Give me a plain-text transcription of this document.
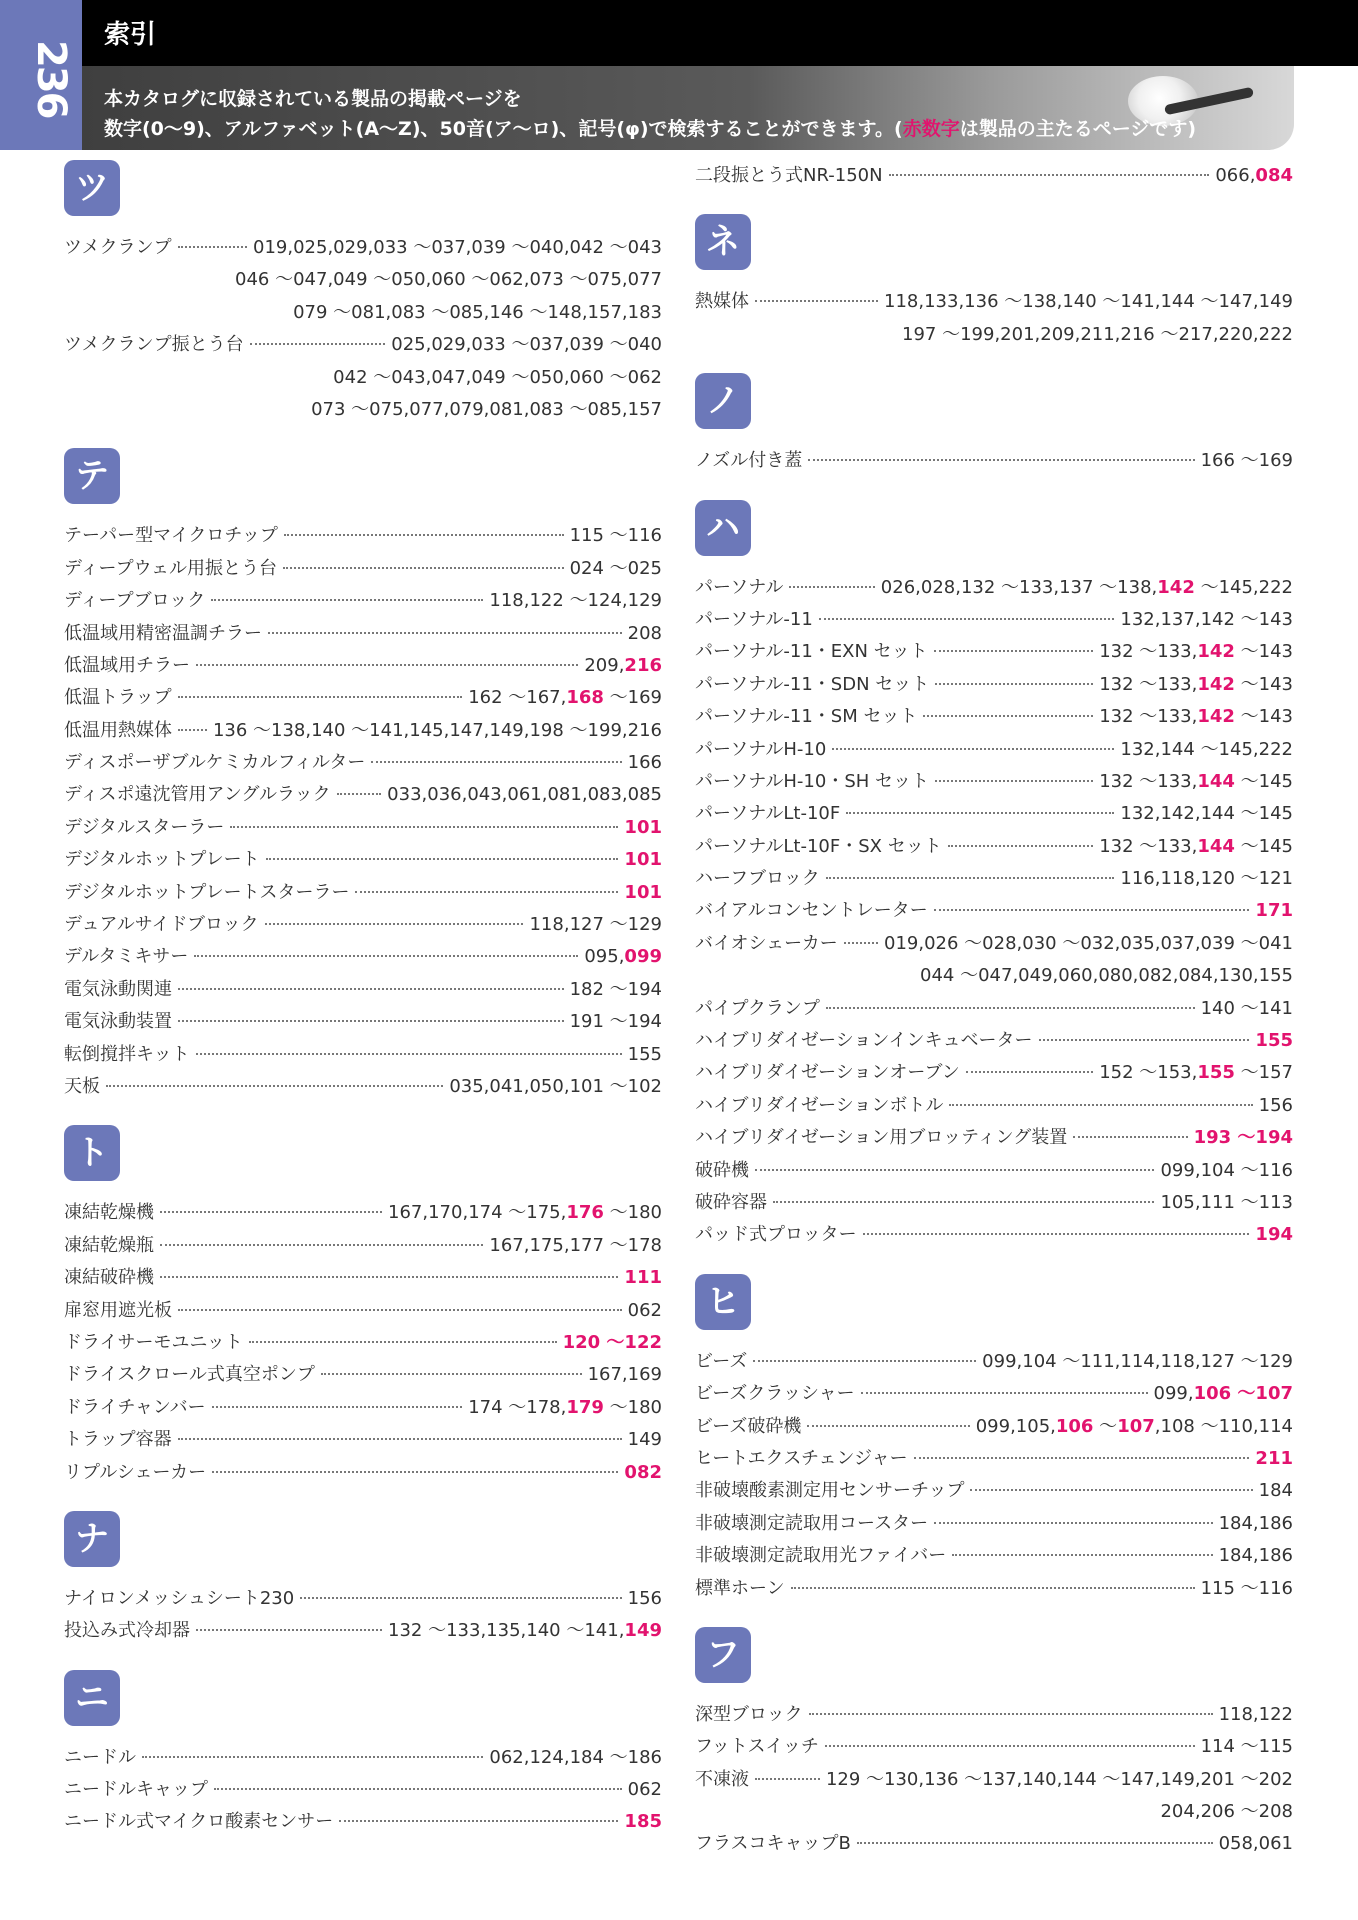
236
索引
本カタログに収録されている製品の掲載ページを
数字(0～9)、アルファベット(A～Z)、50音(ア～ロ)、記号(φ)で検索することができます。(赤数字は製品の主たるページです)
ツ
ツメクランプ	019,025,029,033 ～037,039 ～040,042 ～043
046 ～047,049 ～050,060 ～062,073 ～075,077
079 ～081,083 ～085,146 ～148,157,183
ツメクランプ振とう台	025,029,033 ～037,039 ～040
042 ～043,047,049 ～050,060 ～062
073 ～075,077,079,081,083 ～085,157
テ
テーパー型マイクロチップ	115 ～116
ディープウェル用振とう台	024 ～025
ディープブロック	118,122 ～124,129
低温域用精密温調チラー	208
低温域用チラー	209,216
低温トラップ	162 ～167,168 ～169
低温用熱媒体 136 ～138,140 ～141,145,147,149,198 ～199,216
ディスポーザブルケミカルフィルター	166
ディスポ遠沈管用アングルラック	033,036,043,061,081,083,085
デジタルスターラー	101
デジタルホットプレート	101
デジタルホットプレートスターラー	101
デュアルサイドブロック	118,127 ～129
デルタミキサー	095,099
電気泳動関連	182 ～194
電気泳動装置	191 ～194
転倒撹拌キット	155
天板	035,041,050,101 ～102
ト
凍結乾燥機	167,170,174 ～175,176 ～180
凍結乾燥瓶	167,175,177 ～178
凍結破砕機	111
扉窓用遮光板	062
ドライサーモユニット	120 ～122
ドライスクロール式真空ポンプ	167,169
ドライチャンバー	174 ～178,179 ～180
トラップ容器	149
リプルシェーカー	082
ナ
ナイロンメッシュシート230	156
投込み式冷却器	132 ～133,135,140 ～141,149
ニ
ニードル	062,124,184 ～186
ニードルキャップ	062
ニードル式マイクロ酸素センサー	185
二段振とう式NR-150N	066,084
ネ
熱媒体	118,133,136 ～138,140 ～141,144 ～147,149
197 ～199,201,209,211,216 ～217,220,222
ノ
ノズル付き蓋	166 ～169
ハ
パーソナル	026,028,132 ～133,137 ～138,142 ～145,222
パーソナル-11	132,137,142 ～143
パーソナル-11・EXN セット	132 ～133,142 ～143
パーソナル-11・SDN セット	132 ～133,142 ～143
パーソナル-11・SM セット	132 ～133,142 ～143
パーソナルH-10	132,144 ～145,222
パーソナルH-10・SH セット	132 ～133,144 ～145
パーソナルLt-10F	132,142,144 ～145
パーソナルLt-10F・SX セット	132 ～133,144 ～145
ハーフブロック	116,118,120 ～121
バイアルコンセントレーター	171
バイオシェーカー	019,026 ～028,030 ～032,035,037,039 ～041
044 ～047,049,060,080,082,084,130,155
パイプクランプ	140 ～141
ハイブリダイゼーションインキュベーター	155
ハイブリダイゼーションオーブン	152 ～153,155 ～157
ハイブリダイゼーションボトル	156
ハイブリダイゼーション用ブロッティング装置	193 ～194
破砕機	099,104 ～116
破砕容器	105,111 ～113
パッド式プロッター	194
ヒ
ビーズ	099,104 ～111,114,118,127 ～129
ビーズクラッシャー	099,106 ～107
ビーズ破砕機	099,105,106 ～107,108 ～110,114
ヒートエクスチェンジャー	211
非破壊酸素測定用センサーチップ	184
非破壊測定読取用コースター	184,186
非破壊測定読取用光ファイバー	184,186
標準ホーン	115 ～116
フ
深型ブロック	118,122
フットスイッチ	114 ～115
不凍液	129 ～130,136 ～137,140,144 ～147,149,201 ～202
204,206 ～208
フラスコキャップB	058,061
